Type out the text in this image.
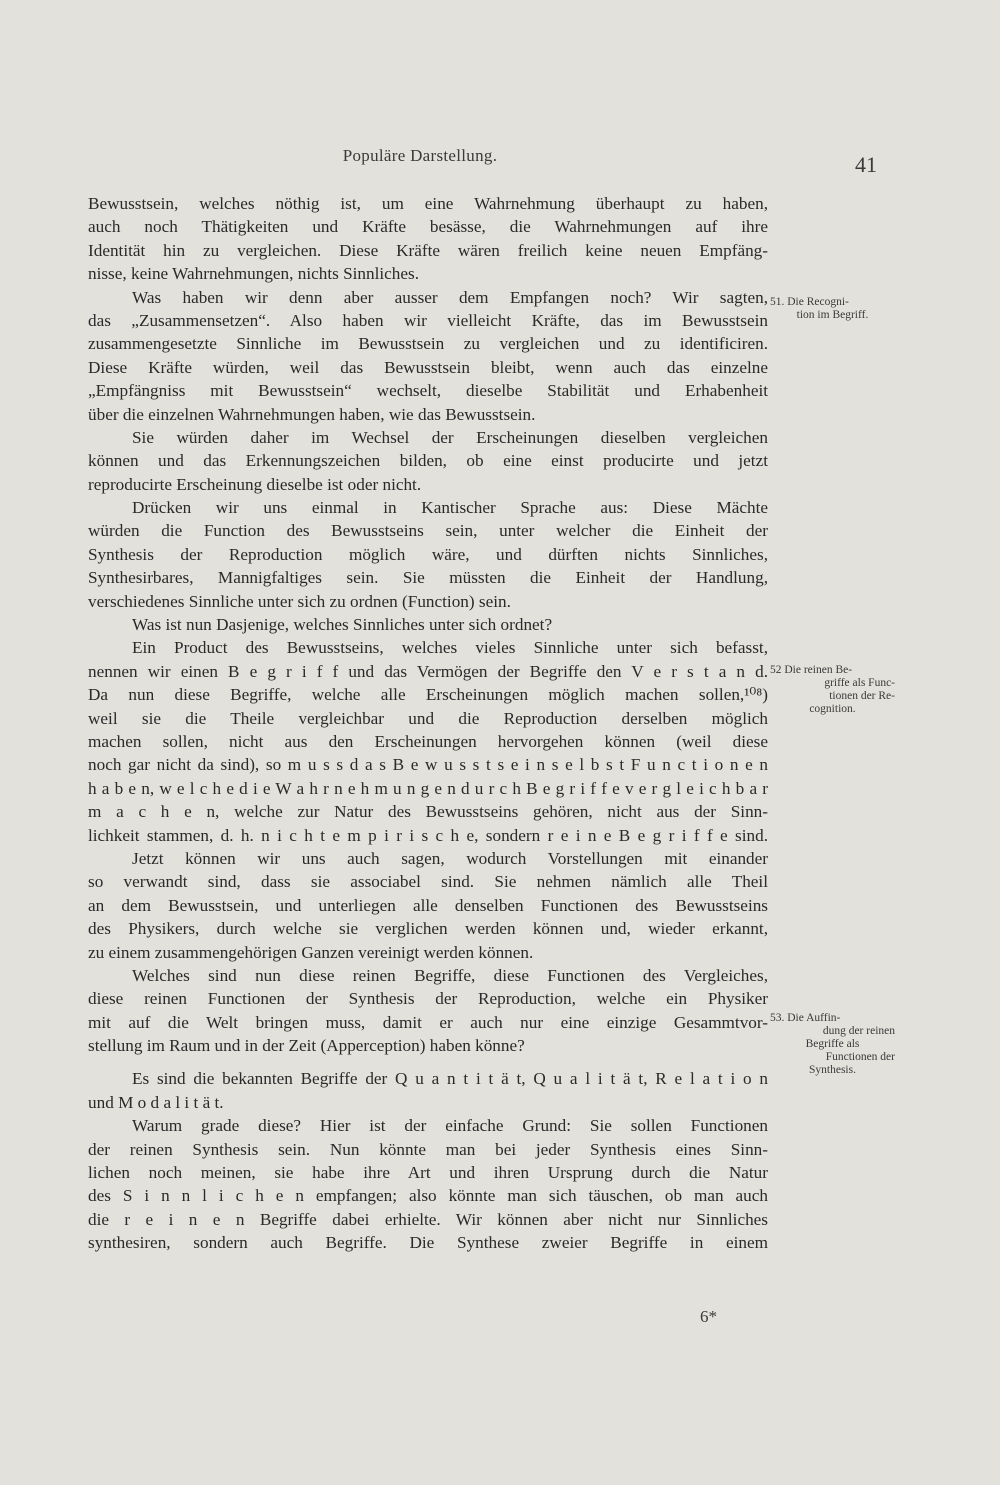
Populäre Darstellung.	41
Bewusstsein, welches nöthig ist, um eine Wahrnehmung überhaupt zu haben,
auch noch Thätigkeiten und Kräfte besässe, die Wahrnehmungen auf ihre
Identität hin zu vergleichen. Diese Kräfte wären freilich keine neuen Empfäng-
nisse, keine Wahrnehmungen, nichts Sinnliches.
Was haben wir denn aber ausser dem Empfangen noch? Wir sagten,
das „Zusammensetzen“. Also haben wir vielleicht Kräfte, das im Bewusstsein
zusammengesetzte Sinnliche im Bewusstsein zu vergleichen und zu identificiren.
Diese Kräfte würden, weil das Bewusstsein bleibt, wenn auch das einzelne
„Empfängniss mit Bewusstsein“ wechselt, dieselbe Stabilität und Erhabenheit
über die einzelnen Wahrnehmungen haben, wie das Bewusstsein.
Sie würden daher im Wechsel der Erscheinungen dieselben vergleichen
können und das Erkennungszeichen bilden, ob eine einst producirte und jetzt
reproducirte Erscheinung dieselbe ist oder nicht.
Drücken wir uns einmal in Kantischer Sprache aus: Diese Mächte
würden die Function des Bewusstseins sein, unter welcher die Einheit der
Synthesis der Reproduction möglich wäre, und dürften nichts Sinnliches,
Synthesirbares, Mannigfaltiges sein. Sie müssten die Einheit der Handlung,
verschiedenes Sinnliche unter sich zu ordnen (Function) sein.
Was ist nun Dasjenige, welches Sinnliches unter sich ordnet?
Ein Product des Bewusstseins, welches vieles Sinnliche unter sich befasst,
nennen wir einen B e g r i f f und das Vermögen der Begriffe den V e r s t a n d.
Da nun diese Begriffe, welche alle Erscheinungen möglich machen sollen,¹⁰⁸)
weil sie die Theile vergleichbar und die Reproduction derselben möglich
machen sollen, nicht aus den Erscheinungen hervorgehen können (weil diese
noch gar nicht da sind), so m u s s d a s B e w u s s t s e i n s e l b s t F u n c t i o n e n
h a b e n, w e l c h e d i e W a h r n e h m u n g e n d u r c h B e g r i f f e v e r g l e i c h b a r
m a c h e n, welche zur Natur des Bewusstseins gehören, nicht aus der Sinn-
lichkeit stammen, d. h. n i c h t e m p i r i s c h e, sondern r e i n e B e g r i f f e sind.
Jetzt können wir uns auch sagen, wodurch Vorstellungen mit einander
so verwandt sind, dass sie associabel sind. Sie nehmen nämlich alle Theil
an dem Bewusstsein, und unterliegen alle denselben Functionen des Bewusstseins
des Physikers, durch welche sie verglichen werden können und, wieder erkannt,
zu einem zusammengehörigen Ganzen vereinigt werden können.
Welches sind nun diese reinen Begriffe, diese Functionen des Vergleiches,
diese reinen Functionen der Synthesis der Reproduction, welche ein Physiker
mit auf die Welt bringen muss, damit er auch nur eine einzige Gesammtvor-
stellung im Raum und in der Zeit (Apperception) haben könne?
Es sind die bekannten Begriffe der Q u a n t i t ä t, Q u a l i t ä t, R e l a t i o n
und M o d a l i t ä t.
Warum grade diese? Hier ist der einfache Grund: Sie sollen Functionen
der reinen Synthesis sein. Nun könnte man bei jeder Synthesis eines Sinn-
lichen noch meinen, sie habe ihre Art und ihren Ursprung durch die Natur
des S i n n l i c h e n empfangen; also könnte man sich täuschen, ob man auch
die r e i n e n Begriffe dabei erhielte. Wir können aber nicht nur Sinnliches
synthesiren, sondern auch Begriffe. Die Synthese zweier Begriffe in einem
6*
51. Die Recogni-
tion im Begriff.
52 Die reinen Be-
griffe als Func-
tionen der Re-
cognition.
53. Die Auffin-
dung der reinen
Begriffe als
Functionen der
Synthesis.
